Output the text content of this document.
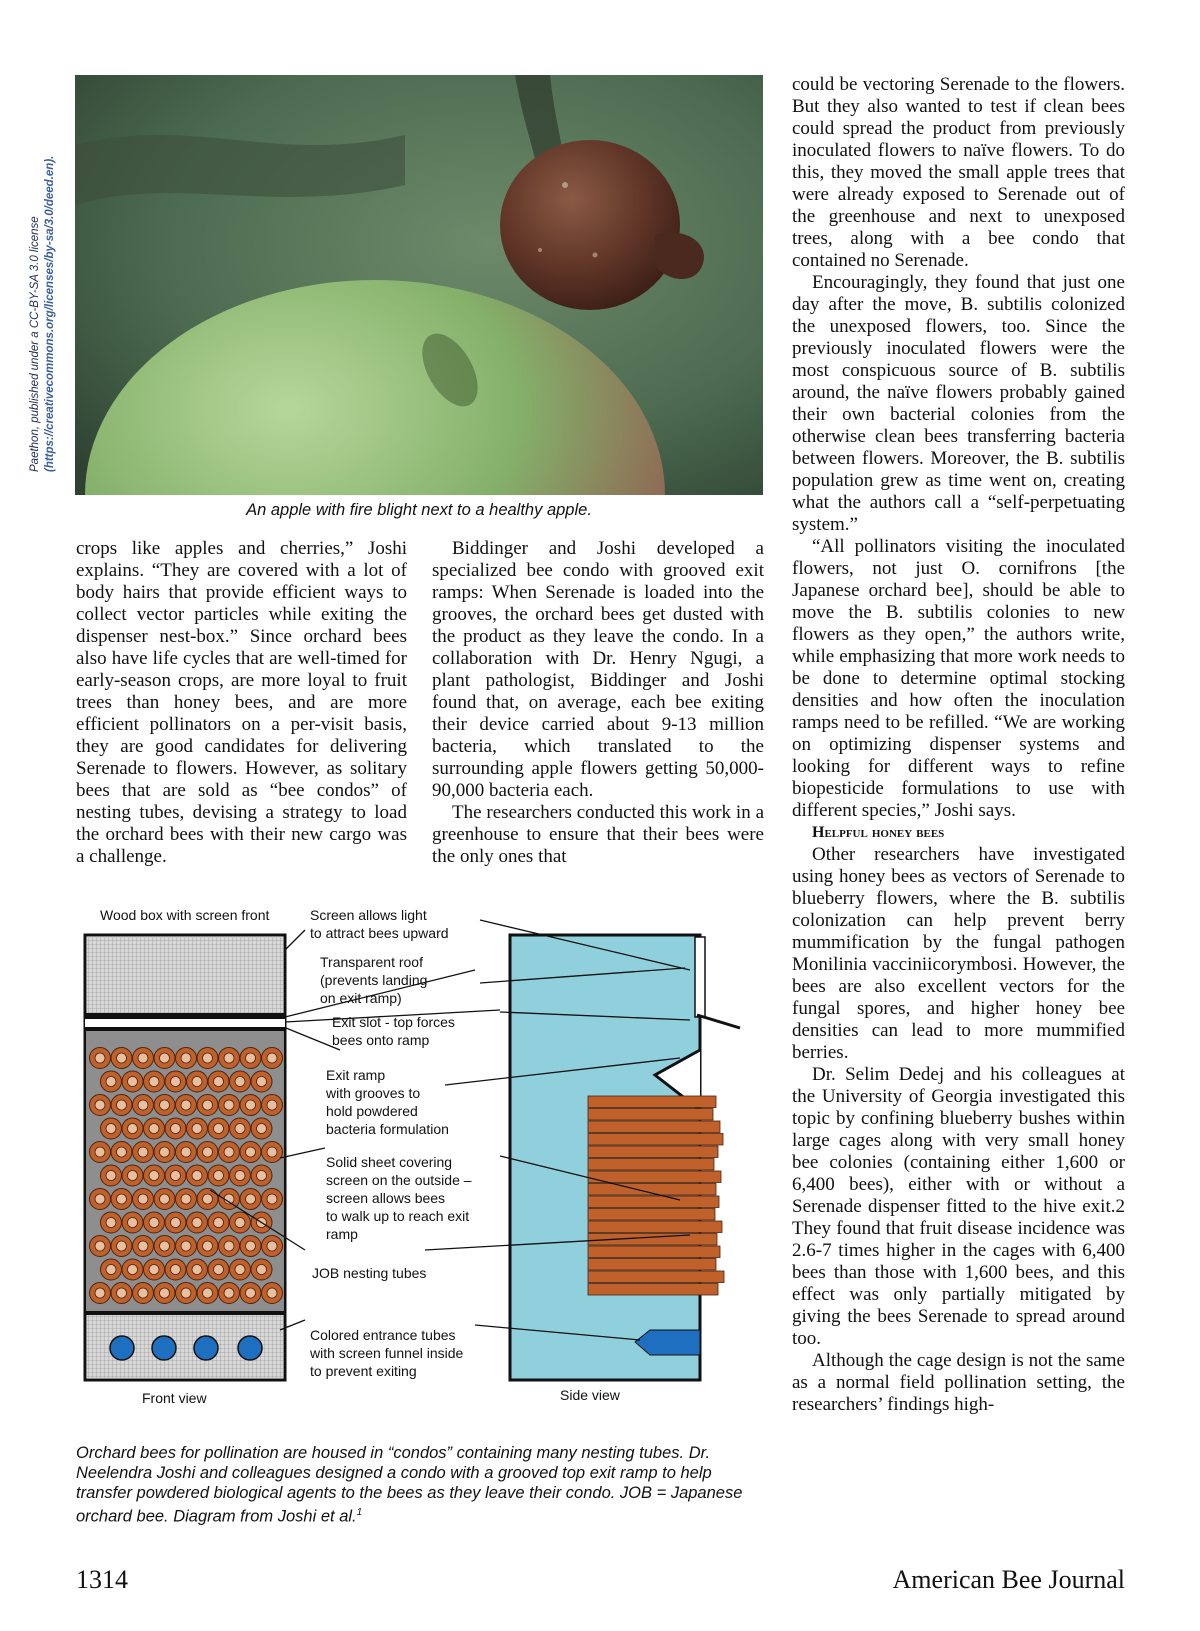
Paethon, published under a CC-BY-SA 3.0 license (https://creativecommons.org/licenses/by-sa/3.0/deed.en).
An apple with fire blight next to a healthy apple.

crops like apples and cherries,” Joshi explains. “They are covered with a lot of body hairs that provide efficient ways to collect vector particles while exiting the dispenser nest-box.” Since orchard bees also have life cycles that are well-timed for early-season crops, are more loyal to fruit trees than honey bees, and are more efficient pollinators on a per-visit basis, they are good candidates for delivering Serenade to flowers. However, as solitary bees that are sold as “bee condos” of nesting tubes, devising a strategy to load the orchard bees with their new cargo was a challenge.

Biddinger and Joshi developed a specialized bee condo with grooved exit ramps: When Serenade is loaded into the grooves, the orchard bees get dusted with the product as they leave the condo. In a collaboration with Dr. Henry Ngugi, a plant pathologist, Biddinger and Joshi found that, on average, each bee exiting their device carried about 9-13 million bacteria, which translated to the surrounding apple flowers getting 50,000-90,000 bacteria each.

The researchers conducted this work in a greenhouse to ensure that their bees were the only ones that

could be vectoring Serenade to the flowers. But they also wanted to test if clean bees could spread the product from previously inoculated flowers to naïve flowers. To do this, they moved the small apple trees that were already exposed to Serenade out of the greenhouse and next to unexposed trees, along with a bee condo that contained no Serenade.

Encouragingly, they found that just one day after the move, B. subtilis colonized the unexposed flowers, too. Since the previously inoculated flowers were the most conspicuous source of B. subtilis around, the naïve flowers probably gained their own bacterial colonies from the otherwise clean bees transferring bacteria between flowers. Moreover, the B. subtilis population grew as time went on, creating what the authors call a “self-perpetuating system.”

“All pollinators visiting the inoculated flowers, not just O. cornifrons [the Japanese orchard bee], should be able to move the B. subtilis colonies to new flowers as they open,” the authors write, while emphasizing that more work needs to be done to determine optimal stocking densities and how often the inoculation ramps need to be refilled. “We are working on optimizing dispenser systems and looking for different ways to refine biopesticide formulations to use with different species,” Joshi says.

Helpful honey bees

Other researchers have investigated using honey bees as vectors of Serenade to blueberry flowers, where the B. subtilis colonization can help prevent berry mummification by the fungal pathogen Monilinia vacciniicorymbosi. However, the bees are also excellent vectors for the fungal spores, and higher honey bee densities can lead to more mummified berries.

Dr. Selim Dedej and his colleagues at the University of Georgia investigated this topic by confining blueberry bushes within large cages along with very small honey bee colonies (containing either 1,600 or 6,400 bees), either with or without a Serenade dispenser fitted to the hive exit.2 They found that fruit disease incidence was 2.6-7 times higher in the cages with 6,400 bees than those with 1,600 bees, and this effect was only partially mitigated by giving the bees Serenade to spread around too.

Although the cage design is not the same as a normal field pollination setting, the researchers’ findings high-

Wood box with screen front	Screen allows light
to attract bees upward
Transparent roof
(prevents landing
on exit ramp)
Exit slot - top forces
bees onto ramp
Exit ramp
with grooves to
hold powdered
bacteria formulation
Solid sheet covering
screen on the outside –
screen allows bees
to walk up to reach exit
ramp
JOB nesting tubes
Colored entrance tubes
with screen funnel inside
to prevent exiting
Front view	Side view
Orchard bees for pollination are housed in “condos” containing many nesting tubes. Dr. Neelendra Joshi and colleagues designed a condo with a grooved top exit ramp to help transfer powdered biological agents to the bees as they leave their condo. JOB = Japanese orchard bee. Diagram from Joshi et al.$^1$
1314	American Bee Journal
